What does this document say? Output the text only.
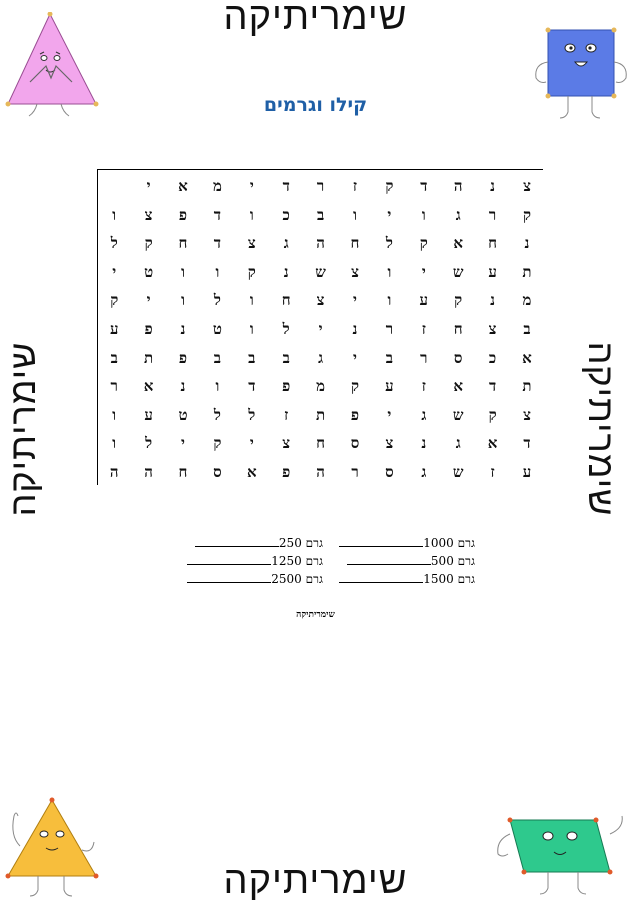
שימריתיקה
שימריתיקה
שימריתיקה	שימריתיקה
קילו וגרמים
צ
נ
ה
ד
ק
ז
ר
ד
י
מ
א
י
ק
ר
ג
ו
י
ו
ב
כ
ו
ד
פ
צ
ו
נ
ח
א
ק
ל
ח
ה
ג
צ
ד
ח
ק
ל
ת
ע
ש
י
ו
צ
ש
נ
ק
ו
ו
ט
י
מ
נ
ק
ע
ו
י
צ
ח
ו
ל
ו
י
ק
ב
צ
ח
ז
ר
נ
י
ל
ו
ט
נ
פ
ע
א
כ
ס
ר
ב
י
ג
ב
ב
ב
פ
ת
ב
ת
ד
א
ז
ע
ק
מ
פ
ד
ו
נ
א
ר
צ
ק
ש
ג
י
פ
ת
ז
ל
ל
ט
ע
ו
ד
א
ג
נ
צ
ס
ח
צ
י
ק
י
ל
ו
ע
ז
ש
ג
ס
ר
ה
פ
א
ס
ח
ה
ה
גרם 1000
גרם 250
גרם 500
גרם 1250
גרם 1500
גרם 2500
שימריתיקה
